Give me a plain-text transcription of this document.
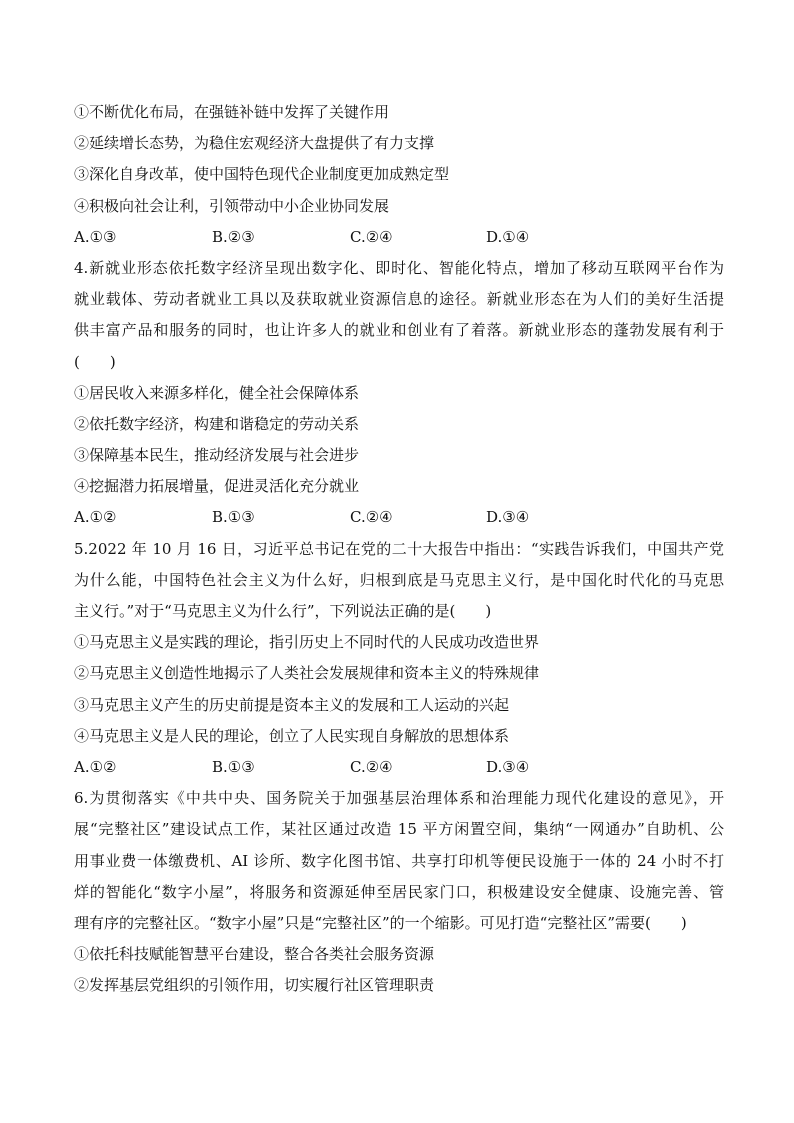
①不断优化布局，在强链补链中发挥了关键作用
②延续增长态势，为稳住宏观经济大盘提供了有力支撑
③深化自身改革，使中国特色现代企业制度更加成熟定型
④积极向社会让利，引领带动中小企业协同发展
A.①③	B.②③	C.②④	D.①④
4.新就业形态依托数字经济呈现出数字化、即时化、智能化特点，增加了移动互联网平台作为
就业载体、劳动者就业工具以及获取就业资源信息的途径。新就业形态在为人们的美好生活提
供丰富产品和服务的同时，也让许多人的就业和创业有了着落。新就业形态的蓬勃发展有利于
(　　)
①居民收入来源多样化，健全社会保障体系
②依托数字经济，构建和谐稳定的劳动关系
③保障基本民生，推动经济发展与社会进步
④挖掘潜力拓展增量，促进灵活化充分就业
A.①②	B.①③	C.②④	D.③④
5.2022 年 10 月 16 日，习近平总书记在党的二十大报告中指出：“实践告诉我们，中国共产党
为什么能，中国特色社会主义为什么好，归根到底是马克思主义行，是中国化时代化的马克思
主义行。”对于“马克思主义为什么行”，下列说法正确的是(　　)
①马克思主义是实践的理论，指引历史上不同时代的人民成功改造世界
②马克思主义创造性地揭示了人类社会发展规律和资本主义的特殊规律
③马克思主义产生的历史前提是资本主义的发展和工人运动的兴起
④马克思主义是人民的理论，创立了人民实现自身解放的思想体系
A.①②	B.①③	C.②④	D.③④
6.为贯彻落实《中共中央、国务院关于加强基层治理体系和治理能力现代化建设的意见》，开
展“完整社区”建设试点工作，某社区通过改造 15 平方闲置空间，集纳“一网通办”自助机、公
用事业费一体缴费机、AI 诊所、数字化图书馆、共享打印机等便民设施于一体的 24 小时不打
烊的智能化“数字小屋”，将服务和资源延伸至居民家门口，积极建设安全健康、设施完善、管
理有序的完整社区。“数字小屋”只是“完整社区”的一个缩影。可见打造“完整社区”需要(　　)
①依托科技赋能智慧平台建设，整合各类社会服务资源
②发挥基层党组织的引领作用，切实履行社区管理职责
